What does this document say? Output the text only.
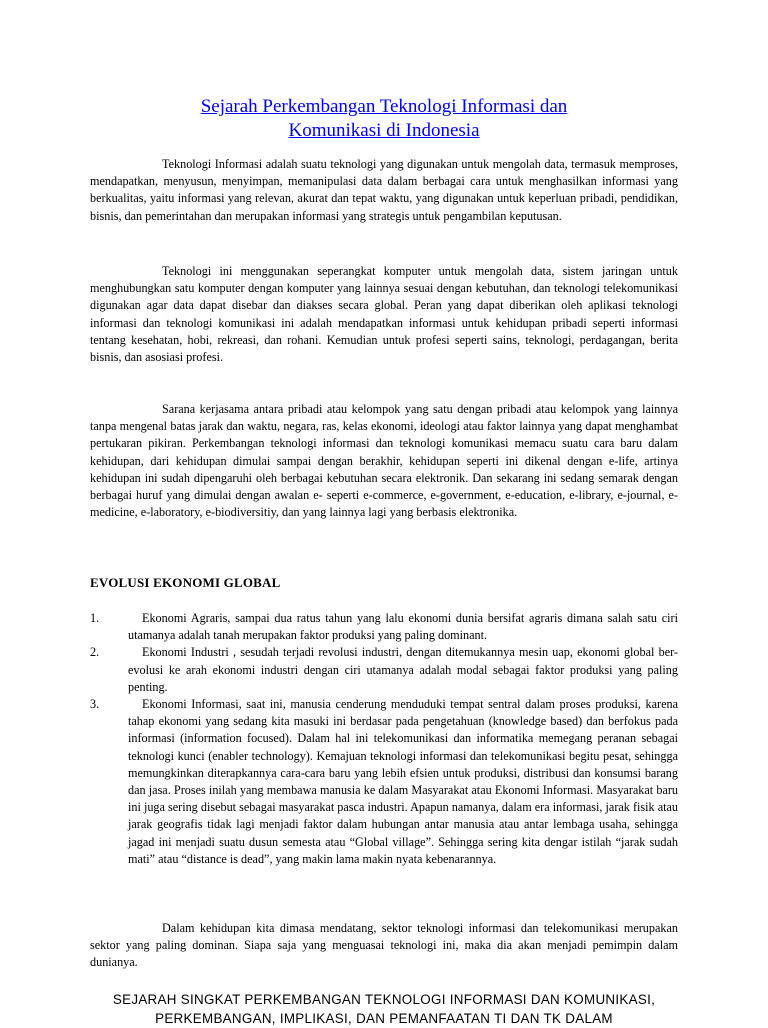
Sejarah Perkembangan Teknologi Informasi dan
Komunikasi di Indonesia

Teknologi Informasi adalah suatu teknologi yang digunakan untuk mengolah data, termasuk memproses, mendapatkan, menyusun, menyimpan, memanipulasi data dalam berbagai cara untuk menghasilkan informasi yang berkualitas, yaitu informasi yang relevan, akurat dan tepat waktu, yang digunakan untuk keperluan pribadi, pendidikan, bisnis, dan pemerintahan dan merupakan informasi yang strategis untuk pengambilan keputusan.

Teknologi ini menggunakan seperangkat komputer untuk mengolah data, sistem jaringan untuk menghubungkan satu komputer dengan komputer yang lainnya sesuai dengan kebutuhan, dan teknologi telekomunikasi digunakan agar data dapat disebar dan diakses secara global. Peran yang dapat diberikan oleh aplikasi teknologi informasi dan teknologi komunikasi ini adalah mendapatkan informasi untuk kehidupan pribadi seperti informasi tentang kesehatan, hobi, rekreasi, dan rohani. Kemudian untuk profesi seperti sains, teknologi, perdagangan, berita bisnis, dan asosiasi profesi.

Sarana kerjasama antara pribadi atau kelompok yang satu dengan pribadi atau kelompok yang lainnya tanpa mengenal batas jarak dan waktu, negara, ras, kelas ekonomi, ideologi atau faktor lainnya yang dapat menghambat pertukaran pikiran. Perkembangan teknologi informasi dan teknologi komunikasi memacu suatu cara baru dalam kehidupan, dari kehidupan dimulai sampai dengan berakhir, kehidupan seperti ini dikenal dengan e-life, artinya kehidupan ini sudah dipengaruhi oleh berbagai kebutuhan secara elektronik. Dan sekarang ini sedang semarak dengan berbagai huruf yang dimulai dengan awalan e- seperti e-commerce, e-government, e-education, e-library, e-journal, e-medicine, e-laboratory, e-biodiversitiy, dan yang lainnya lagi yang berbasis elektronika.

EVOLUSI EKONOMI GLOBAL
1.	Ekonomi Agraris, sampai dua ratus tahun yang lalu ekonomi dunia bersifat agraris dimana salah satu ciri utamanya adalah tanah merupakan faktor produksi yang paling dominant.
2.	Ekonomi Industri , sesudah terjadi revolusi industri, dengan ditemukannya mesin uap, ekonomi global ber-evolusi ke arah ekonomi industri dengan ciri utamanya adalah modal sebagai faktor produksi yang paling penting.
3.	Ekonomi Informasi, saat ini, manusia cenderung menduduki tempat sentral dalam proses produksi, karena tahap ekonomi yang sedang kita masuki ini berdasar pada pengetahuan (knowledge based) dan berfokus pada informasi (information focused). Dalam hal ini telekomunikasi dan informatika memegang peranan sebagai teknologi kunci (enabler technology). Kemajuan teknologi informasi dan telekomunikasi begitu pesat, sehingga memungkinkan diterapkannya cara-cara baru yang lebih efsien untuk produksi, distribusi dan konsumsi barang dan jasa. Proses inilah yang membawa manusia ke dalam Masyarakat atau Ekonomi Informasi. Masyarakat baru ini juga sering disebut sebagai masyarakat pasca industri. Apapun namanya, dalam era informasi, jarak fisik atau jarak geografis tidak lagi menjadi faktor dalam hubungan antar manusia atau antar lembaga usaha, sehingga jagad ini menjadi suatu dusun semesta atau “Global village”. Sehingga sering kita dengar istilah “jarak sudah mati” atau “distance is dead”, yang makin lama makin nyata kebenarannya.

Dalam kehidupan kita dimasa mendatang, sektor teknologi informasi dan telekomunikasi merupakan sektor yang paling dominan. Siapa saja yang menguasai teknologi ini, maka dia akan menjadi pemimpin dalam dunianya.

SEJARAH SINGKAT PERKEMBANGAN TEKNOLOGI INFORMASI DAN KOMUNIKASI,
PERKEMBANGAN, IMPLIKASI, DAN PEMANFAATAN TI DAN TK DALAM
